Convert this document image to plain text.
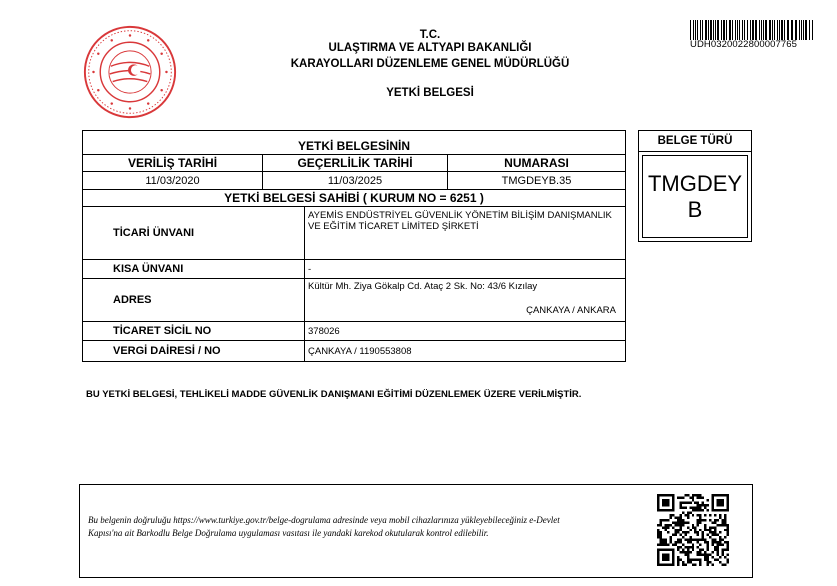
T.C.
ULAŞTIRMA VE ALTYAPI BAKANLIĞI
KARAYOLLARI DÜZENLEME GENEL MÜDÜRLÜĞÜ
YETKİ BELGESİ
UDH0320022800007765
YETKİ BELGESİNİN			
VERİLİŞ TARİHİ	GEÇERLİLİK TARİHİ		NUMARASI
11/03/2020	11/03/2025		TMGDEYB.35
YETKİ BELGESİ SAHİBİ ( KURUM NO = 6251 )			
TİCARİ ÜNVANI		AYEMİS ENDÜSTRİYEL GÜVENLİK YÖNETİM BİLİŞİM DANIŞMANLIK VE EĞİTİM TİCARET LİMİTED ŞİRKETİ	
KISA ÜNVANI		-	
ADRES		Kültür Mh. Ziya Gökalp Cd. Ataç 2 Sk. No: 43/6 Kızılay
ÇANKAYA / ANKARA	

TİCARET SİCİL NO		378026	
VERGİ DAİRESİ / NO		ÇANKAYA / 1190553808	
BELGE TÜRÜ
TMGDEY
B
BU YETKİ BELGESİ, TEHLİKELİ MADDE GÜVENLİK DANIŞMANI EĞİTİMİ DÜZENLEMEK ÜZERE VERİLMİŞTİR.
Bu belgenin doğruluğu https://www.turkiye.gov.tr/belge-dogrulama adresinde veya mobil cihazlarınıza yükleyebileceğiniz e-Devlet
Kapısı'na ait Barkodlu Belge Doğrulama uygulaması vasıtası ile yandaki karekod okutularak kontrol edilebilir.
